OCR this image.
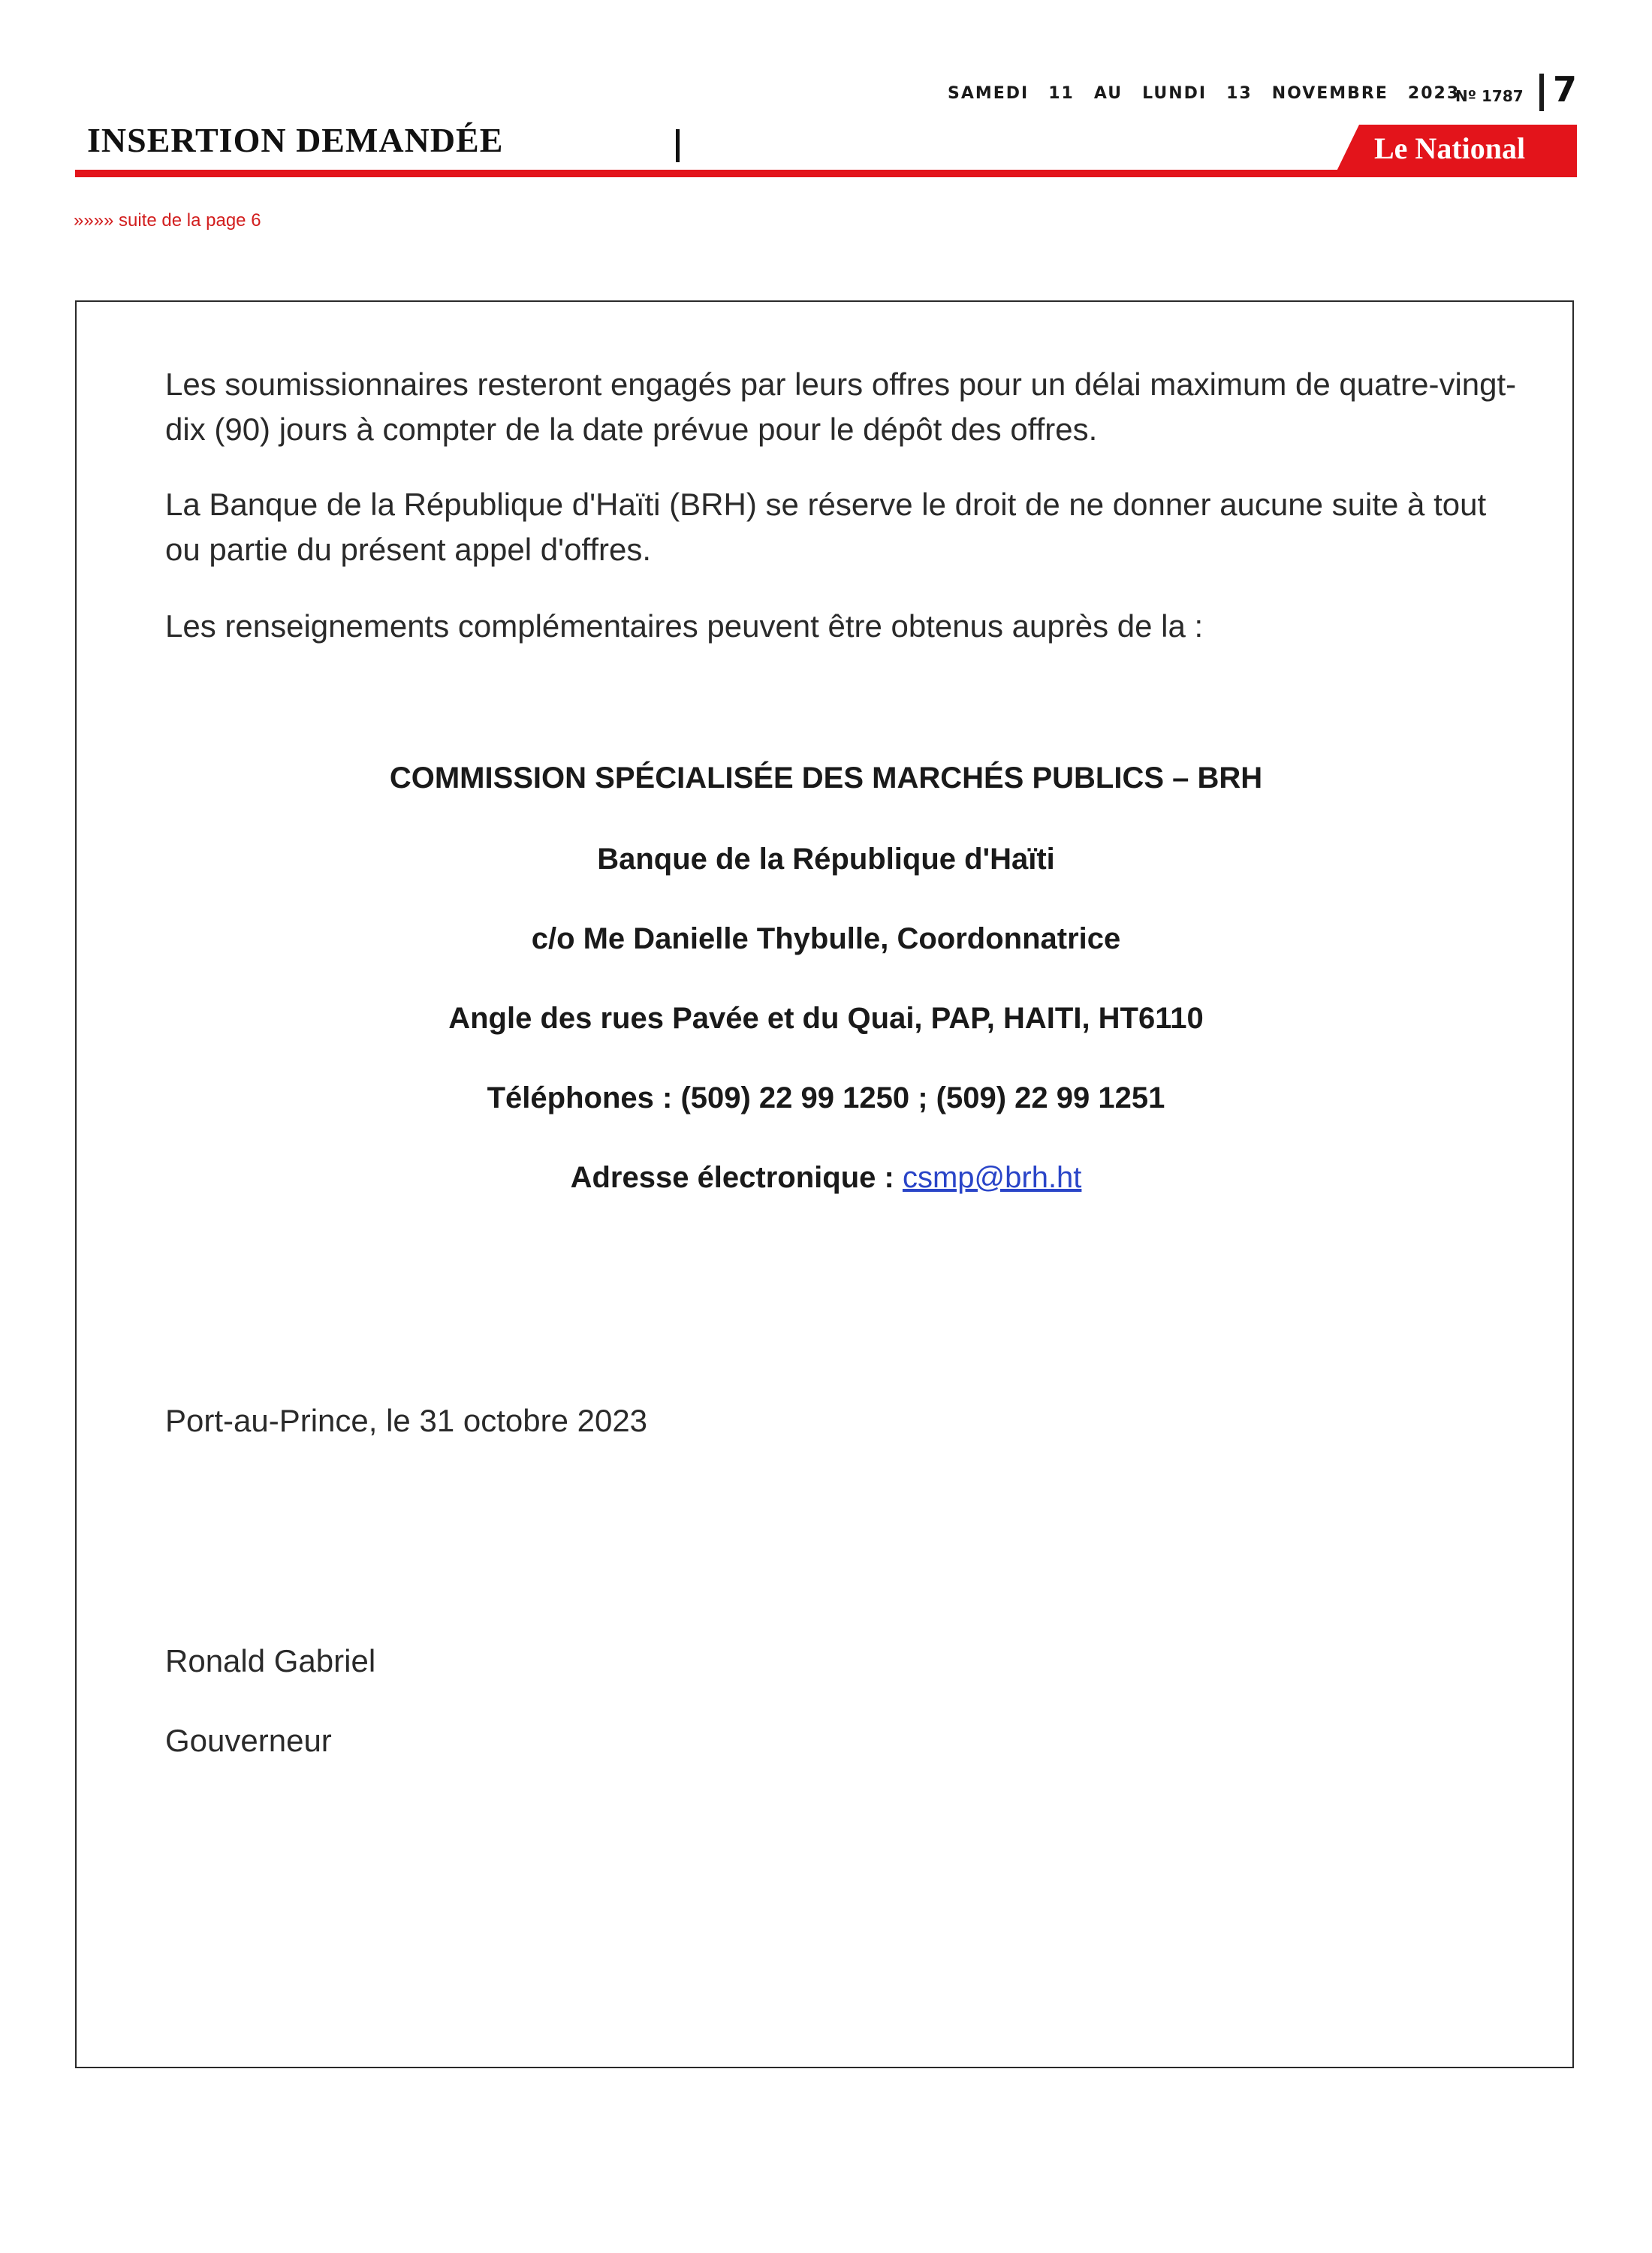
SAMEDI 11 AU LUNDI 13 NOVEMBRE 2023
Nº 1787 7
INSERTION DEMANDÉE	Le National
»»»» suite de la page 6

Les soumissionnaires resteront engagés par leurs offres pour un délai maximum de quatre-vingt-dix (90) jours à compter de la date prévue pour le dépôt des offres.

La Banque de la République d'Haïti (BRH) se réserve le droit de ne donner aucune suite à tout ou partie du présent appel d'offres.

Les renseignements complémentaires peuvent être obtenus auprès de la :

COMMISSION SPÉCIALISÉE DES MARCHÉS PUBLICS – BRH
Banque de la République d'Haïti
c/o Me Danielle Thybulle, Coordonnatrice
Angle des rues Pavée et du Quai, PAP, HAITI, HT6110
Téléphones : (509) 22 99 1250 ; (509) 22 99 1251
Adresse électronique : csmp@brh.ht
Port-au-Prince, le 31 octobre 2023
Ronald Gabriel
Gouverneur
